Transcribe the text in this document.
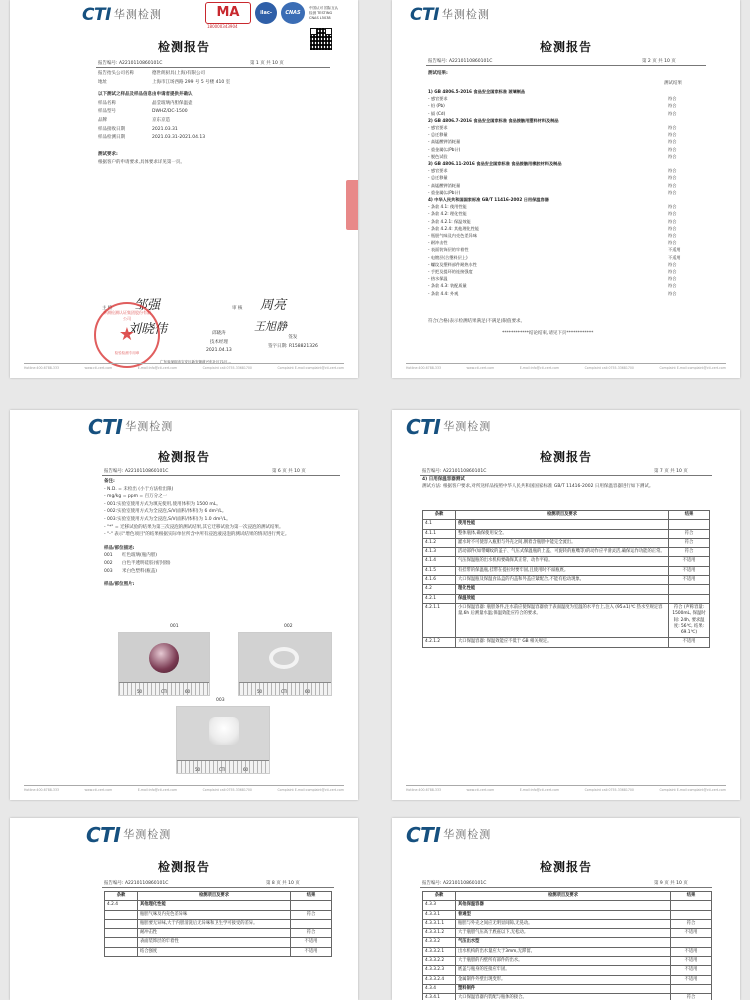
CTI 华测检测	MA	ilac-MRA
CNAS
中国认可 国际互认 检测 TESTING CNAS L5038
180000343904
检测报告
报告编号: A2210110860101C	第 1 页 共 10 页
报告抬头公司名称	德世朗厨具(上海)有限公司
地址	上海市江场西路 299 号 5 号楼 410 室
以下测试之样品及样品信息由申请者提供并确认
样品名称	晶莹玻璃内胆保温壶
样品型号	DWHZ/DC-1500
品牌	京东京造
样品接收日期	2021.03.31
样品检测日期	2021.03.31-2021.04.13
测试要求:
根据客户的申请要求,具体要求详见第一页。
主 检 邹强	审 核 周亮
刘晓伟	王旭静
邱晓涛
技术经理
2021.04.13
签发
签字日期: R158821326
广东省深圳市宝安区新安街道兴东社区71区...
华测检测认证集团股份有限公司
★
检验检测专用章
Hotline:400-6788-333	www.cti-cert.com	E-mail:info@cti-cert.com	Complaint call:0755-33681700	Complaint E-mail:complaint@cti-cert.com
CTI 华测检测
检测报告
报告编号: A2210110860101C	第 2 页 共 10 页
测试结果:
测试结果
1) GB 4806.5-2016 食品安全国家标准 玻璃制品
- 感官要求	符合
- 铅 (Pb)	符合
- 镉 (Cd)	符合
2) GB 4806.7-2016 食品安全国家标准 食品接触用塑料材料及制品
- 感官要求	符合
- 总迁移量	符合
- 高锰酸钾消耗量	符合
- 重金属(以Pb计)	符合
- 脱色试验	符合
3) GB 4806.11-2016 食品安全国家标准 食品接触用橡胶材料及制品
- 感官要求	符合
- 总迁移量	符合
- 高锰酸钾消耗量	符合
- 重金属(以Pb计)	符合
4) 中华人民共和国国家标准 GB/T 11416-2002 日用保温容器
- 条款 4.1: 使用性能	符合
- 条款 4.2: 理化性能	符合
- 条款 4.2.1: 保温效能	符合
- 条款 4.2.4: 其他理化性能	符合
- 瓶胆气味及内壳色差异味	符合
- 耐冲击性	符合
- 表面装饰层的牢着性	不适用
- 电镀层(合塑料层上)	不适用
- 螺纹及塑料部件耐热水性	符合
- 手把及提环的连接强度	符合
- 热水保温	符合
- 条款 4.3: 装配质量	符合
- 条款 4.4: 外观	符合
符合(合格)表示检测结果满足(不满足)限值要求。
************结论结束,请见下页************
Hotline:400-6788-333	www.cti-cert.com	E-mail:info@cti-cert.com	Complaint call:0755-33681700	Complaint E-mail:complaint@cti-cert.com
CTI 华测检测
检测报告
报告编号: A2210110860101C	第 6 页 共 10 页
备注:
- N.D. = 未检出 (小于方法检出限)
- mg/kg = ppm = 百万分之一
- 001:实验室使用方式为填充使用,使用体积为 1500 mL。
- 002:实验室使用方式为全浸泡,S/V(面积/体积)为 6 dm²/L。
- 003:实验室使用方式为全浸泡,S/V(面积/体积)为 1.0 dm²/L。
- "*" = 迁移试验的结果为第三次浸泡的测试结果,其它迁移试验为第一次浸泡的测试结果。
- "-" 表示"增色项目"的结果根据实际单位所含中所有浸泡液浸泡的测试结果的情况进行判定。
样品/部位描述:
001	红色玻璃(瓶内胆)
002	白色半透明硅胶(密封圈)
003	米白色塑料(瓶盖)
样品/部位照片:
001	002
003
50	CTI	60	50	CTI	60
50	CTI	60
Hotline:400-6788-333	www.cti-cert.com	E-mail:info@cti-cert.com	Complaint call:0755-33681700	Complaint E-mail:complaint@cti-cert.com
CTI 华测检测
检测报告
报告编号: A2210110860101C	第 7 页 共 10 页
4) 日用保温容器测试
测试方法: 根据客户要求,对所送样品按照中华人民共和国国家标准 GB/T 11416-2002 日用保温容器进行如下测试。
条款	检测项目及要求	结果
4.1	使用性能	
4.1.1	整体瓶体,确保使用安全。	符合
4.1.2	灌水时不可使容入瓶胆与外壳之间,倒着含瓶胆中能完全流出。	符合
4.1.3	活动部件(如带螺纹的盖子、气压式保温瓶的上盖、可旋转的瓶嘴等)的动作应平滑灵活,确保运作功能的正常。	符合
4.1.4	气压保温瓶的出水机构要确保其正常、动作平稳。	不适用
4.1.5	有挂带的保温瓶,挂带在提拉时要牢固,且使用时不溢瓶底。	不适用
4.1.6	大口保温瓶及保温食品盒的内盖和外盖应紧配合,不能有松动现象。	不适用
4.2	理化性能	
4.2.1	保温效能	
4.2.1.1	小口保温容器: 瓶胆条件,注水前应使保温容器放于表面温度为室温的水平台上,注入 (95±1)℃ 热水至规定容量,6h 后测量水温;保温效能应符合的要求。	符合 (声称容量: 1500mL, 保温时间: 24h, 要求温度: 56℃, 结果: 69.1℃)
4.2.1.2	大口保温容器: 保温效能应不低于 GB 相关规定。	不适用
Hotline:400-6788-333	www.cti-cert.com	E-mail:info@cti-cert.com	Complaint call:0755-33681700	Complaint E-mail:complaint@cti-cert.com
CTI 华测检测
检测报告
报告编号: A2210110860101C	第 8 页 共 10 页
条款	检测项目及要求	结果
4.2.4	其他理化性能	
	瓶胆气味及内壳色差异味	符合
	瓶胆要无异味,大于内胆清洗后无异味和卫生学可接受的差异。	
	耐冲击性	符合
	表面装饰层的牢着性	不适用
	结合强度	不适用
CTI 华测检测
检测报告
报告编号: A2210110860101C	第 9 页 共 10 页
条款	检测项目及要求	结果
4.3.3	其他保温容器	
4.3.3.1	普通型	
4.3.3.1.1	瓶胆与外壳之间应无明显间隙,无晃动。	符合
4.3.3.1.2	大于瓶胆气压高于底座以下,无松动。	不适用
4.3.3.2	气压出水型	
4.3.3.2.1	出水机构的出水量应大于3mm,无滞留。	不适用
4.3.3.2.2	大于瓶胆的内壁所有部件的出水。	不适用
4.3.3.2.3	底盖与瓶身的连接应牢固。	不适用
4.3.3.2.4	金属制件外壁出现变形。	不适用
4.3.4	塑料制件	
4.3.4.1	大口保温容器内装配与瓶体的接合。	符合
